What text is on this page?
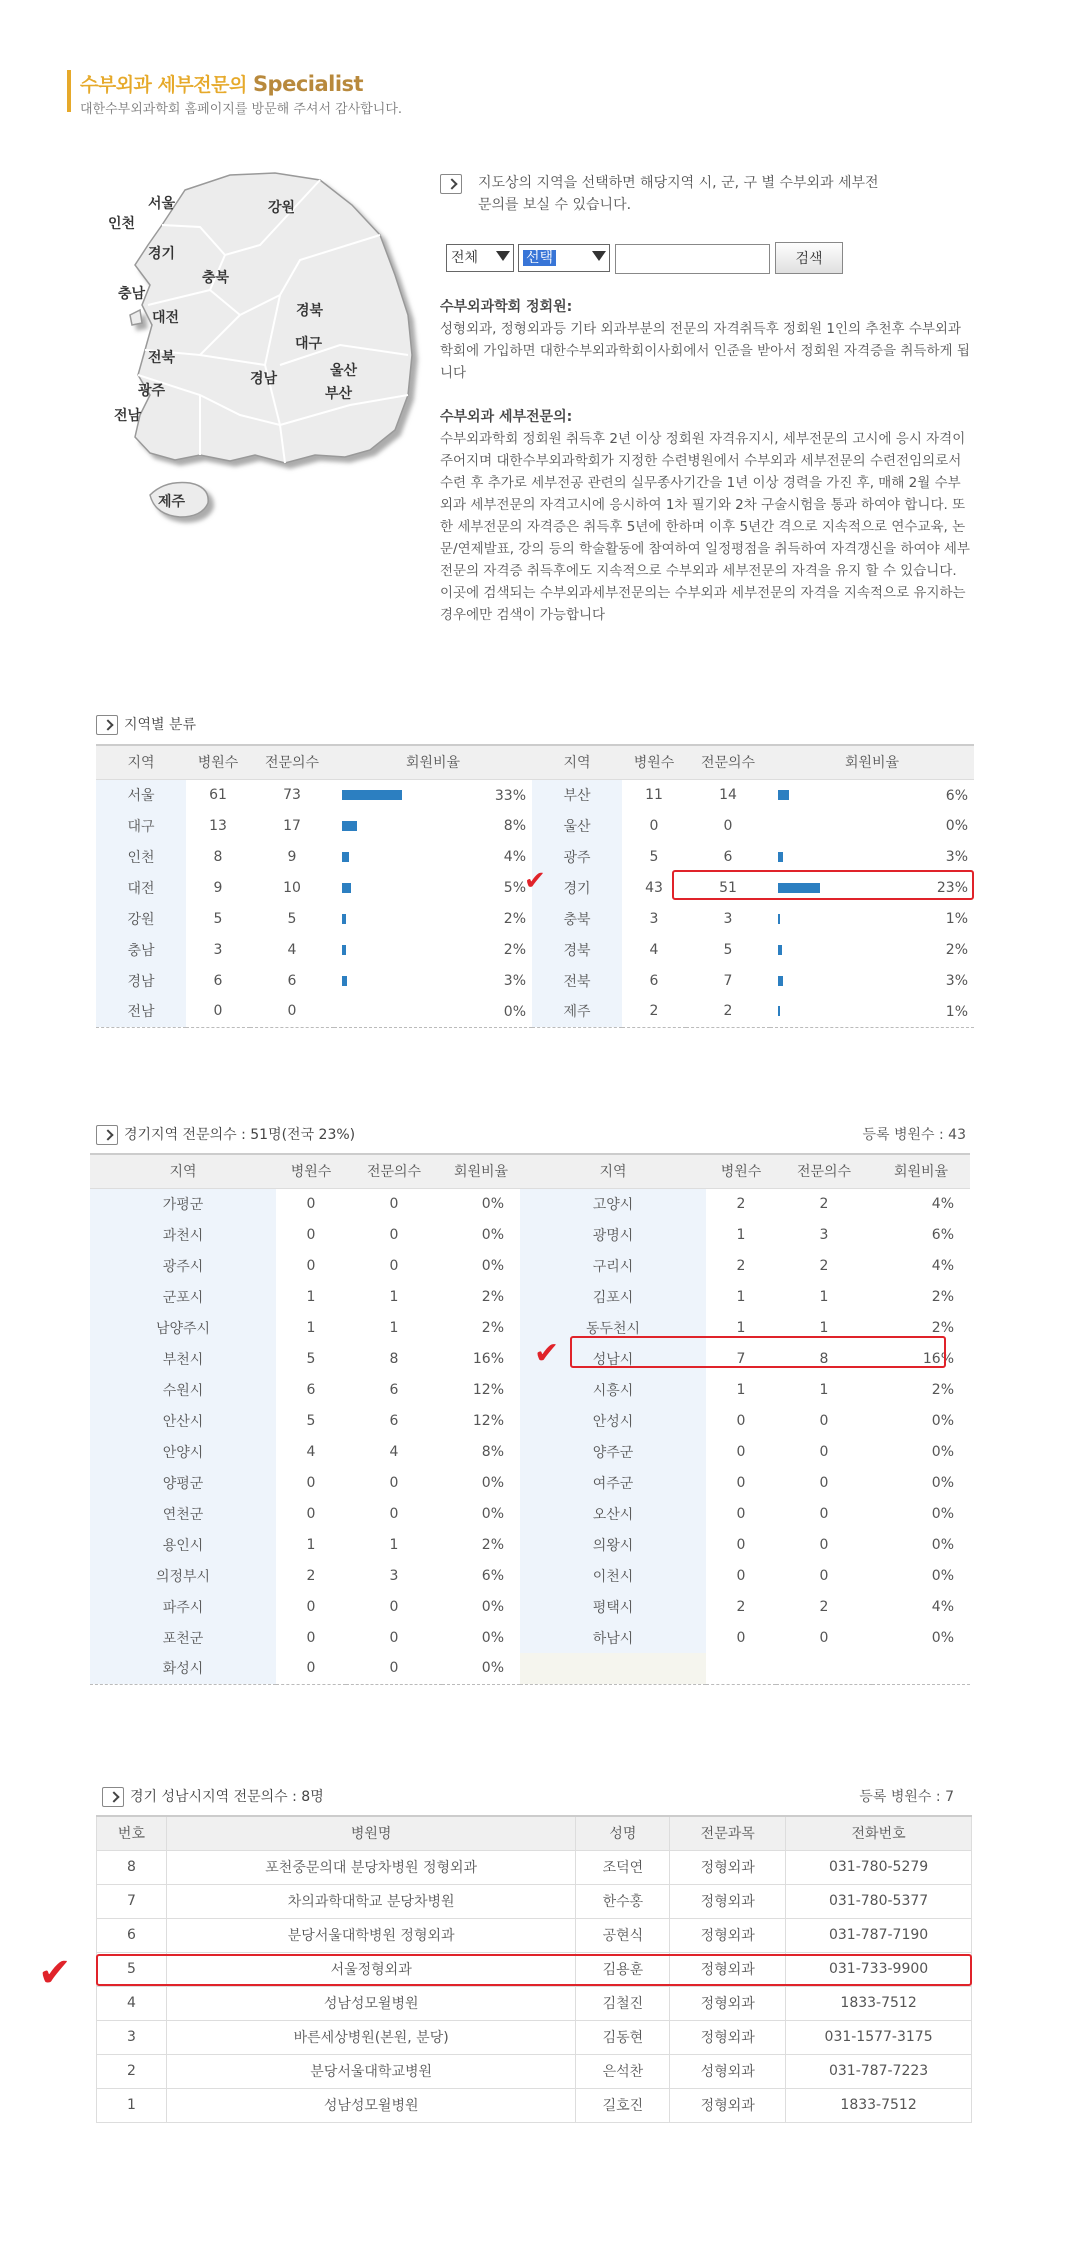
수부외과 세부전문의 Specialist
대한수부외과학회 홈페이지를 방문해 주셔서 감사합니다.
서울	강원
인천
경기
충북
충남
대전	경북
대구
전북
경남	울산
광주	부산
전남
제주
지도상의 지역을 선택하면 해당지역 시, 군, 구 별 수부외과 세부전문의를 보실 수 있습니다.
전체	선택	검색
수부외과학회 정회원:

성형외과, 정형외과등 기타 외과부분의 전문의 자격취득후 정회원 1인의 추천후 수부외과학회에 가입하면 대한수부외과학회이사회에서 인준을 받아서 정회원 자격증을 취득하게 됩니다

수부외과 세부전문의:

수부외과학회 정회원 취득후 2년 이상 정회원 자격유지시, 세부전문의 고시에 응시 자격이 주어지며 대한수부외과학회가 지정한 수련병원에서 수부외과 세부전문의 수련전임의로서 수련 후 추가로 세부전공 관련의 실무종사기간을 1년 이상 경력을 가진 후, 매해 2월 수부외과 세부전문의 자격고시에 응시하여 1차 필기와 2차 구술시험을 통과 하여야 합니다. 또한 세부전문의 자격증은 취득후 5년에 한하며 이후 5년간 격으로 지속적으로 연수교육, 논문/연제발표, 강의 등의 학술활동에 참여하여 일정평점을 취득하여 자격갱신을 하여야 세부전문의 자격증 취득후에도 지속적으로 수부외과 세부전문의 자격을 유지 할 수 있습니다. 이곳에 검색되는 수부외과세부전문의는 수부외과 세부전문의 자격을 지속적으로 유지하는 경우에만 검색이 가능합니다

지역별 분류
지역	병원수	전문의수	회원비율	지역	병원수	전문의수	회원비율
서울	61	73	33%	부산	11	14	6%

대구	13	17	8%	울산	0	0	0%

인천	8	9	4%	광주	5	6	3%

대전	9	10	5%	경기	43	51	23%

강원	5	5	2%	충북	3	3	1%

충남	3	4	2%	경북	4	5	2%

경남	6	6	3%	전북	6	7	3%

전남	0	0	0%	제주	2	2	1%
경기지역 전문의수 : 51명(전국 23%)	등록 병원수 : 43
지역	병원수	전문의수	회원비율	지역	병원수	전문의수	회원비율
가평군	0	0	0%	고양시	2	2	4%
과천시	0	0	0%	광명시	1	3	6%
광주시	0	0	0%	구리시	2	2	4%
군포시	1	1	2%	김포시	1	1	2%
남양주시	1	1	2%	동두천시	1	1	2%
부천시	5	8	16%	성남시	7	8	16%
수원시	6	6	12%	시흥시	1	1	2%
안산시	5	6	12%	안성시	0	0	0%
안양시	4	4	8%	양주군	0	0	0%
양평군	0	0	0%	여주군	0	0	0%
연천군	0	0	0%	오산시	0	0	0%
용인시	1	1	2%	의왕시	0	0	0%
의정부시	2	3	6%	이천시	0	0	0%
파주시	0	0	0%	평택시	2	2	4%
포천군	0	0	0%	하남시	0	0	0%
화성시	0	0	0%				
경기 성남시지역 전문의수 : 8명	등록 병원수 : 7
번호	병원명	성명	전문과목	전화번호
8	포천중문의대 분당차병원 정형외과	조덕연	정형외과	031-780-5279
7	차의과학대학교 분당차병원	한수홍	정형외과	031-780-5377
6	분당서울대학병원 정형외과	공현식	정형외과	031-787-7190
5	서울정형외과	김용훈	정형외과	031-733-9900
4	성남성모윌병원	김철진	정형외과	1833-7512
3	바른세상병원(본원, 분당)	김동현	정형외과	031-1577-3175
2	분당서울대학교병원	은석찬	성형외과	031-787-7223
1	성남성모윌병원	길호진	정형외과	1833-7512
✔
✔
✔
